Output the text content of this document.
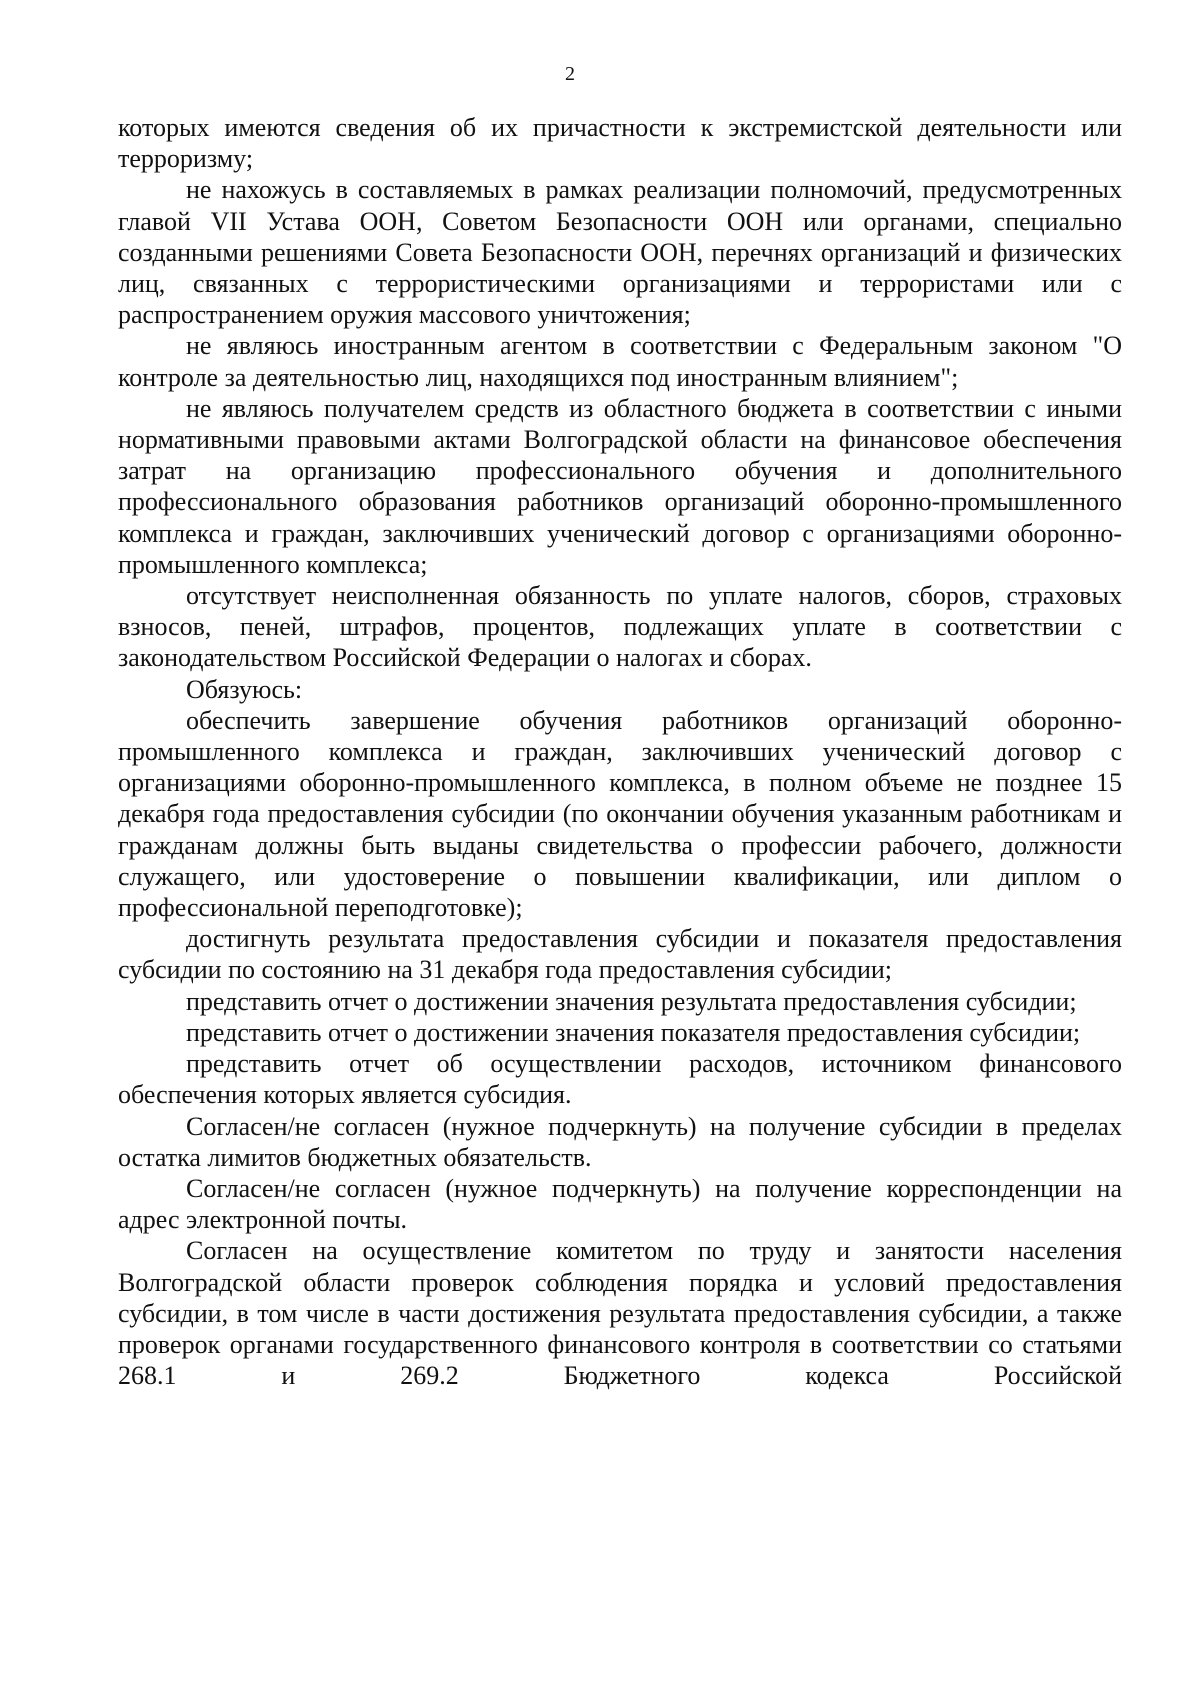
2

которых имеются сведения об их причастности к экстремистской деятельности или терроризму;

не нахожусь в составляемых в рамках реализации полномочий, предусмотренных главой VII Устава ООН, Советом Безопасности ООН или органами, специально созданными решениями Совета Безопасности ООН, перечнях организаций и физических лиц, связанных с террористическими организациями и террористами или с распространением оружия массового уничтожения;

не являюсь иностранным агентом в соответствии с Федеральным законом "О контроле за деятельностью лиц, находящихся под иностранным влиянием";

не являюсь получателем средств из областного бюджета в соответствии с иными нормативными правовыми актами Волгоградской области на финансовое обеспечения затрат на организацию профессионального обучения и дополнительного профессионального образования работников организаций оборонно-промышленного комплекса и граждан, заключивших ученический договор с организациями оборонно-промышленного комплекса;

отсутствует неисполненная обязанность по уплате налогов, сборов, страховых взносов, пеней, штрафов, процентов, подлежащих уплате в соответствии с законодательством Российской Федерации о налогах и сборах.

Обязуюсь:

обеспечить завершение обучения работников организаций оборонно-промышленного комплекса и граждан, заключивших ученический договор с организациями оборонно-промышленного комплекса, в полном объеме не позднее 15 декабря года предоставления субсидии (по окончании обучения указанным работникам и гражданам должны быть выданы свидетельства о профессии рабочего, должности служащего, или удостоверение о повышении квалификации, или диплом о профессиональной переподготовке);

достигнуть результата предоставления субсидии и показателя предоставления субсидии по состоянию на 31 декабря года предоставления субсидии;

представить отчет о достижении значения результата предоставления субсидии;

представить отчет о достижении значения показателя предоставления субсидии;

представить отчет об осуществлении расходов, источником финансового обеспечения которых является субсидия.

Согласен/не согласен (нужное подчеркнуть) на получение субсидии в пределах остатка лимитов бюджетных обязательств.

Согласен/не согласен (нужное подчеркнуть) на получение корреспонденции на адрес электронной почты.

Согласен на осуществление комитетом по труду и занятости населения Волгоградской области проверок соблюдения порядка и условий предоставления субсидии, в том числе в части достижения результата предоставления субсидии, а также проверок органами государственного финансового контроля в соответствии со статьями 268.1 и 269.2 Бюджетного кодекса Российской
